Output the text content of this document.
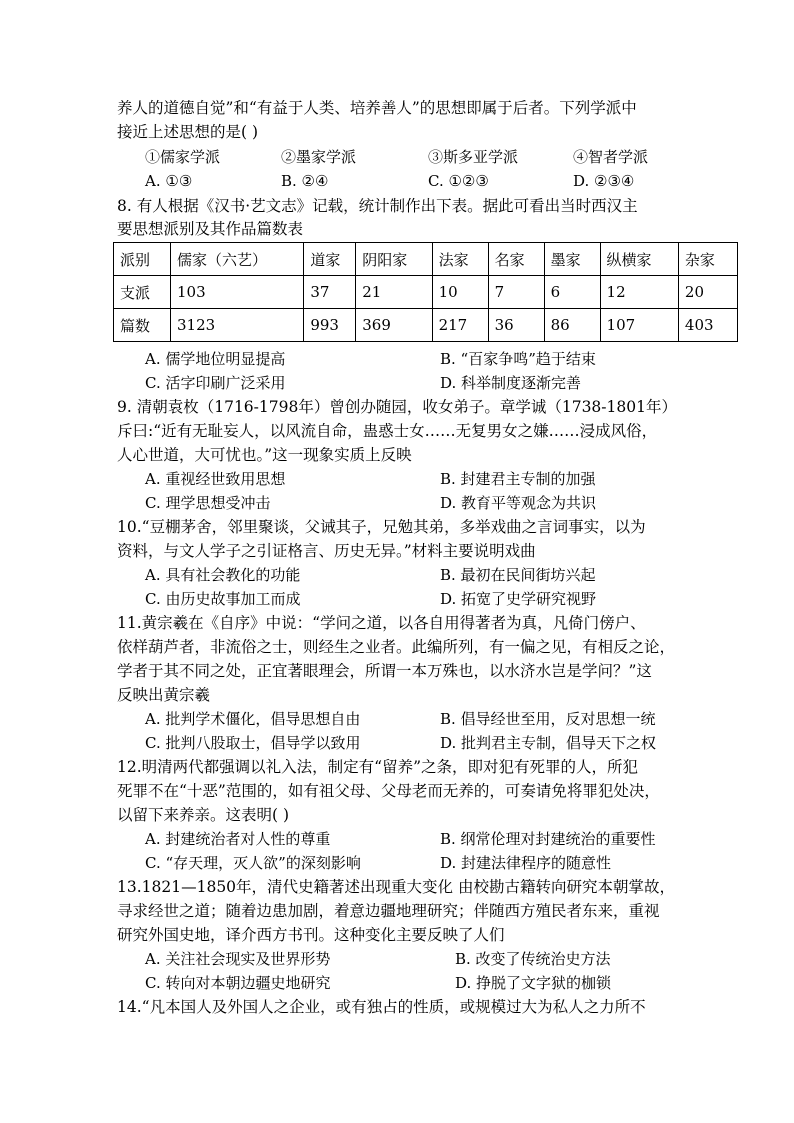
养人的道德自觉”和“有益于人类、培养善人”的思想即属于后者。下列学派中
接近上述思想的是( )
①儒家学派	②墨家学派	③斯多亚学派	④智者学派
A. ①③	B. ②④	C. ①②③	D. ②③④
8. 有人根据《汉书·艺文志》记载，统计制作出下表。据此可看出当时西汉主
要思想派别及其作品篇数表
派别	儒家（六艺）	道家	阴阳家	法家	名家	墨家	纵横家	杂家
支派	103	37	21	10	7	6	12	20
篇数	3123	993	369	217	36	86	107	403
A. 儒学地位明显提高	B. “百家争鸣”趋于结束
C. 活字印刷广泛采用	D. 科举制度逐渐完善
9. 清朝袁枚（1716-1798年）曾创办随园，收女弟子。章学诚（1738-1801年）
斥曰:“近有无耻妄人，以风流自命，蛊惑士女……无复男女之嫌……浸成风俗，
人心世道，大可忧也。”这一现象实质上反映
A. 重视经世致用思想	B. 封建君主专制的加强
C. 理学思想受冲击	D. 教育平等观念为共识
10.“豆棚茅舍，邻里聚谈，父诫其子，兄勉其弟，多举戏曲之言词事实，以为
资料，与文人学子之引证格言、历史无异。”材料主要说明戏曲
A. 具有社会教化的功能	B. 最初在民间街坊兴起
C. 由历史故事加工而成	D. 拓宽了史学研究视野
11.黄宗羲在《自序》中说：“学问之道，以各自用得著者为真，凡倚门傍户、
依样葫芦者，非流俗之士，则经生之业者。此编所列，有一偏之见，有相反之论，
学者于其不同之处，正宜著眼理会，所谓一本万殊也，以水济水岂是学问？”这
反映出黄宗羲
A. 批判学术僵化，倡导思想自由	B. 倡导经世至用，反对思想一统
C. 批判八股取士，倡导学以致用	D. 批判君主专制，倡导天下之权
12.明清两代都强调以礼入法，制定有“留养”之条，即对犯有死罪的人，所犯
死罪不在“十恶”范围的，如有祖父母、父母老而无养的，可奏请免将罪犯处决，
以留下来养亲。这表明( )
A. 封建统治者对人性的尊重	B. 纲常伦理对封建统治的重要性
C. “存天理，灭人欲”的深刻影响	D. 封建法律程序的随意性
13.1821—1850年，清代史籍著述出现重大变化 由校勘古籍转向研究本朝掌故，
寻求经世之道；随着边患加剧，着意边疆地理研究；伴随西方殖民者东来，重视
研究外国史地，译介西方书刊。这种变化主要反映了人们
A. 关注社会现实及世界形势	B. 改变了传统治史方法
C. 转向对本朝边疆史地研究	D. 挣脱了文字狱的枷锁
14.“凡本国人及外国人之企业，或有独占的性质，或规模过大为私人之力所不
